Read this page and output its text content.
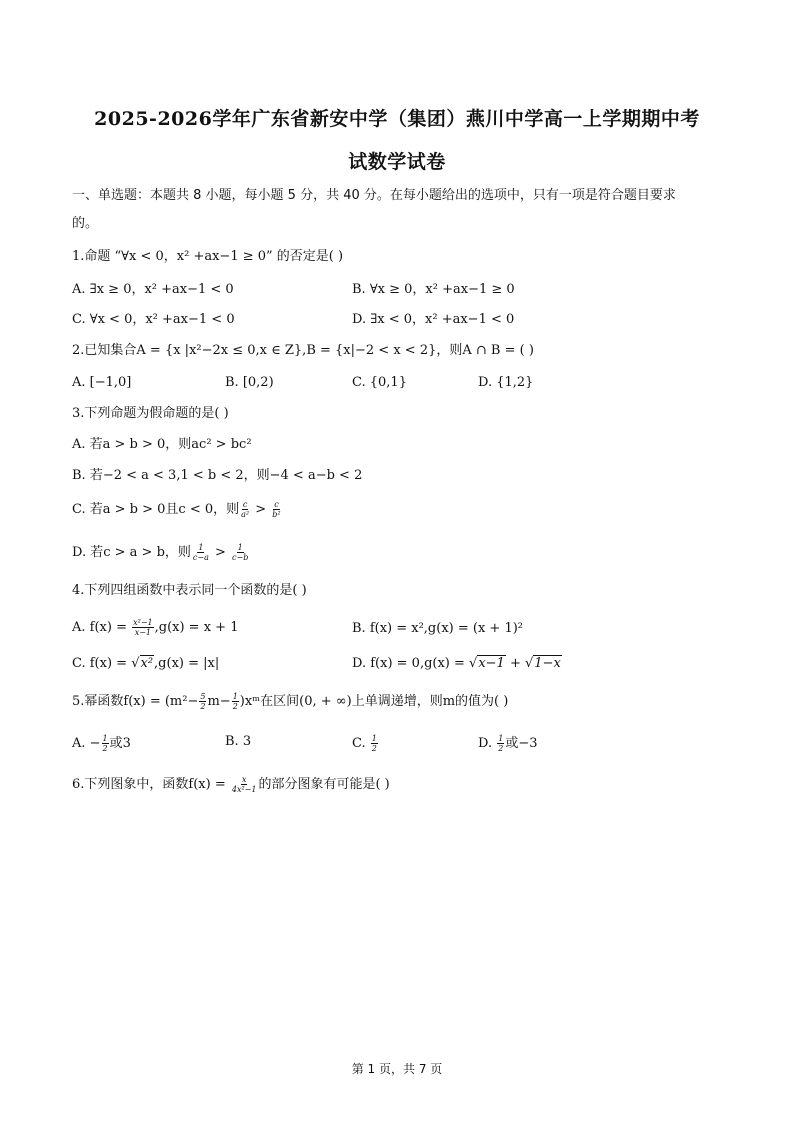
2025-2026学年广东省新安中学（集团）燕川中学高一上学期期中考
试数学试卷
一、单选题：本题共 8 小题，每小题 5 分，共 40 分。在每小题给出的选项中，只有一项是符合题目要求
的。
1.命题 “∀x < 0，x² +ax−1 ≥ 0” 的否定是( )
A. ∃x ≥ 0，x² +ax−1 < 0	B. ∀x ≥ 0，x² +ax−1 ≥ 0
C. ∀x < 0，x² +ax−1 < 0	D. ∃x < 0，x² +ax−1 < 0
2.已知集合A = {x |x²−2x ≤ 0,x ∈ Z},B = {x|−2 < x < 2}，则A ∩ B = ( )
A. [−1,0]	B. [0,2)	C. {0,1}	D. {1,2}
3.下列命题为假命题的是( )
A. 若a > b > 0，则ac² > bc²
B. 若−2 < a < 3,1 < b < 2，则−4 < a−b < 2
C. 若a > b > 0且c < 0，则 $\frac{c}{\text{a²}} > \frac{c}{\text{b²}}$
D. 若c > a > b，则 $\frac{1}{c-a} > \frac{1}{c-b}$
4.下列四组函数中表示同一个函数的是( )
A. $f(x) = \frac{\text{x²−1}}{x-1} ,g(x) = x + 1$	B. f(x) = x²,g(x) = (x + 1)²
C. f(x) = √x²,g(x) = |x|	D. f(x) = 0,g(x) = √x−1 + √1−x
5.幂函数$f(x) = (m^2- \frac{5}{2} m- \frac{1}{2}$ )xᵐ在区间(0, + ∞)上单调递增，则m的值为( )
A. − $\frac{1}{2}$ 或3	B. 3	C. $\frac{1}{2}$	D. $\frac{1}{2}$ 或−3
6.下列图象中，函数$f(x) = \frac{x}{\text{4x²−1}}$ 的部分图象有可能是( )
第 1 页，共 7 页
